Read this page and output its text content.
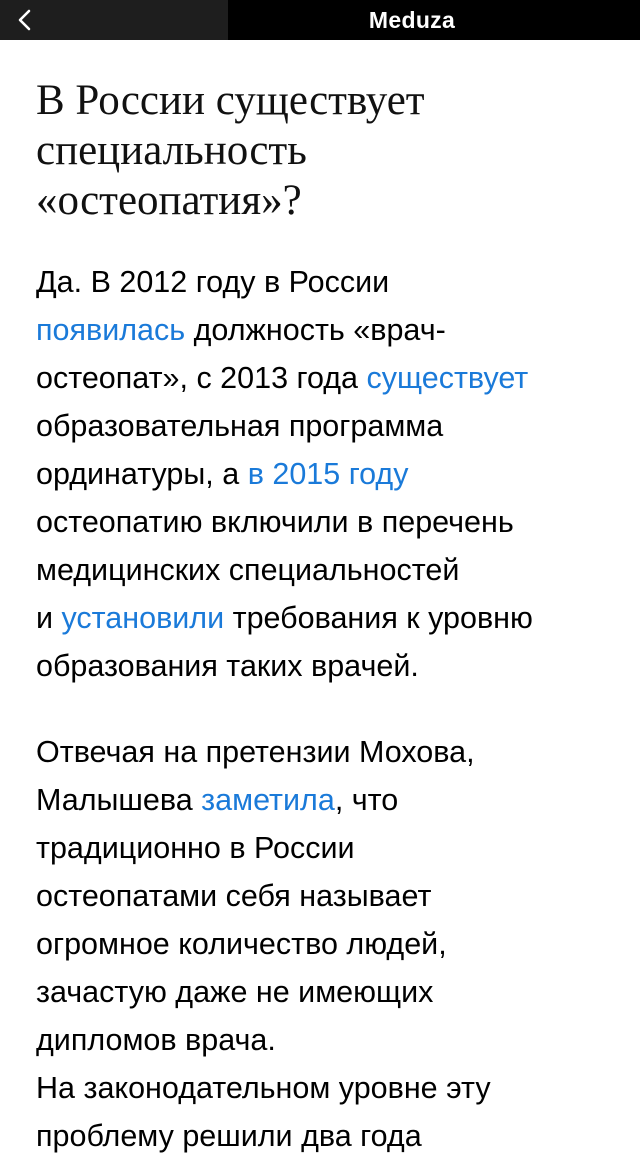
Meduza
В России существует
специальность
«остеопатия»?

Да. В 2012 году в России
появилась должность «врач-
остеопат», с 2013 года существует
образовательная программа
ординатуры, а в 2015 году
остеопатию включили в перечень
медицинских специальностей
и установили требования к уровню
образования таких врачей.

Отвечая на претензии Мохова,
Малышева заметила, что
традиционно в России
остеопатами себя называет
огромное количество людей,
зачастую даже не имеющих
дипломов врача.

На законодательном уровне эту
проблему решили два года
